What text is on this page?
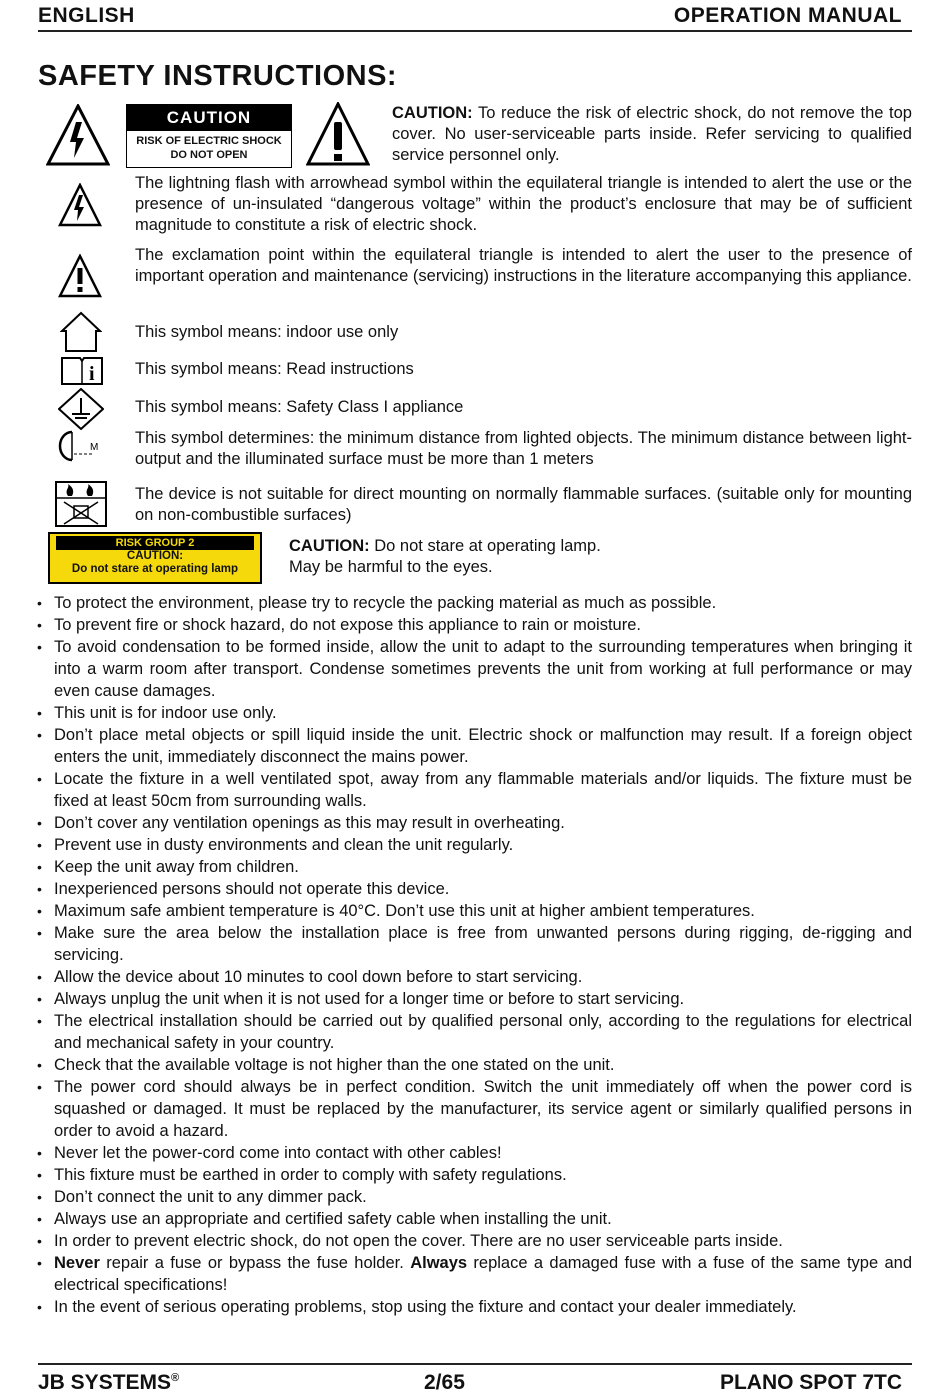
ENGLISH	OPERATION MANUAL
SAFETY INSTRUCTIONS:
CAUTION
RISK OF ELECTRIC SHOCK
DO NOT OPEN
CAUTION: To reduce the risk of electric shock, do not remove the top cover. No user-serviceable parts inside. Refer servicing to qualified service personnel only.
The lightning flash with arrowhead symbol within the equilateral triangle is intended to alert the use or the presence of un-insulated “dangerous voltage” within the product’s enclosure that may be of sufficient magnitude to constitute a risk of electric shock.
The exclamation point within the equilateral triangle is intended to alert the user to the presence of important operation and maintenance (servicing) instructions in the literature accompanying this appliance.
This symbol means: indoor use only
i This symbol means: Read instructions
This symbol means: Safety Class I appliance
M
This symbol determines: the minimum distance from lighted objects. The minimum distance between light-output and the illuminated surface must be more than 1 meters
The device is not suitable for direct mounting on normally flammable surfaces. (suitable only for mounting on non-combustible surfaces)
RISK GROUP 2
CAUTION:
Do not stare at operating lamp
CAUTION: Do not stare at operating lamp.
May be harmful to the eyes.
• To protect the environment, please try to recycle the packing material as much as possible.
• To prevent fire or shock hazard, do not expose this appliance to rain or moisture.
• To avoid condensation to be formed inside, allow the unit to adapt to the surrounding temperatures when bringing it into a warm room after transport. Condense sometimes prevents the unit from working at full performance or may even cause damages.
• This unit is for indoor use only.
• Don’t place metal objects or spill liquid inside the unit. Electric shock or malfunction may result. If a foreign object enters the unit, immediately disconnect the mains power.
• Locate the fixture in a well ventilated spot, away from any flammable materials and/or liquids. The fixture must be fixed at least 50cm from surrounding walls.
• Don’t cover any ventilation openings as this may result in overheating.
• Prevent use in dusty environments and clean the unit regularly.
• Keep the unit away from children.
• Inexperienced persons should not operate this device.
• Maximum safe ambient temperature is 40°C. Don’t use this unit at higher ambient temperatures.
• Make sure the area below the installation place is free from unwanted persons during rigging, de-rigging and servicing.
• Allow the device about 10 minutes to cool down before to start servicing.
• Always unplug the unit when it is not used for a longer time or before to start servicing.
• The electrical installation should be carried out by qualified personal only, according to the regulations for electrical and mechanical safety in your country.
• Check that the available voltage is not higher than the one stated on the unit.
• The power cord should always be in perfect condition. Switch the unit immediately off when the power cord is squashed or damaged. It must be replaced by the manufacturer, its service agent or similarly qualified persons in order to avoid a hazard.
• Never let the power-cord come into contact with other cables!
• This fixture must be earthed in order to comply with safety regulations.
• Don’t connect the unit to any dimmer pack.
• Always use an appropriate and certified safety cable when installing the unit.
• In order to prevent electric shock, do not open the cover. There are no user serviceable parts inside.
• Never repair a fuse or bypass the fuse holder. Always replace a damaged fuse with a fuse of the same type and electrical specifications!
• In the event of serious operating problems, stop using the fixture and contact your dealer immediately.
JB SYSTEMS®	2/65	PLANO SPOT 7TC
